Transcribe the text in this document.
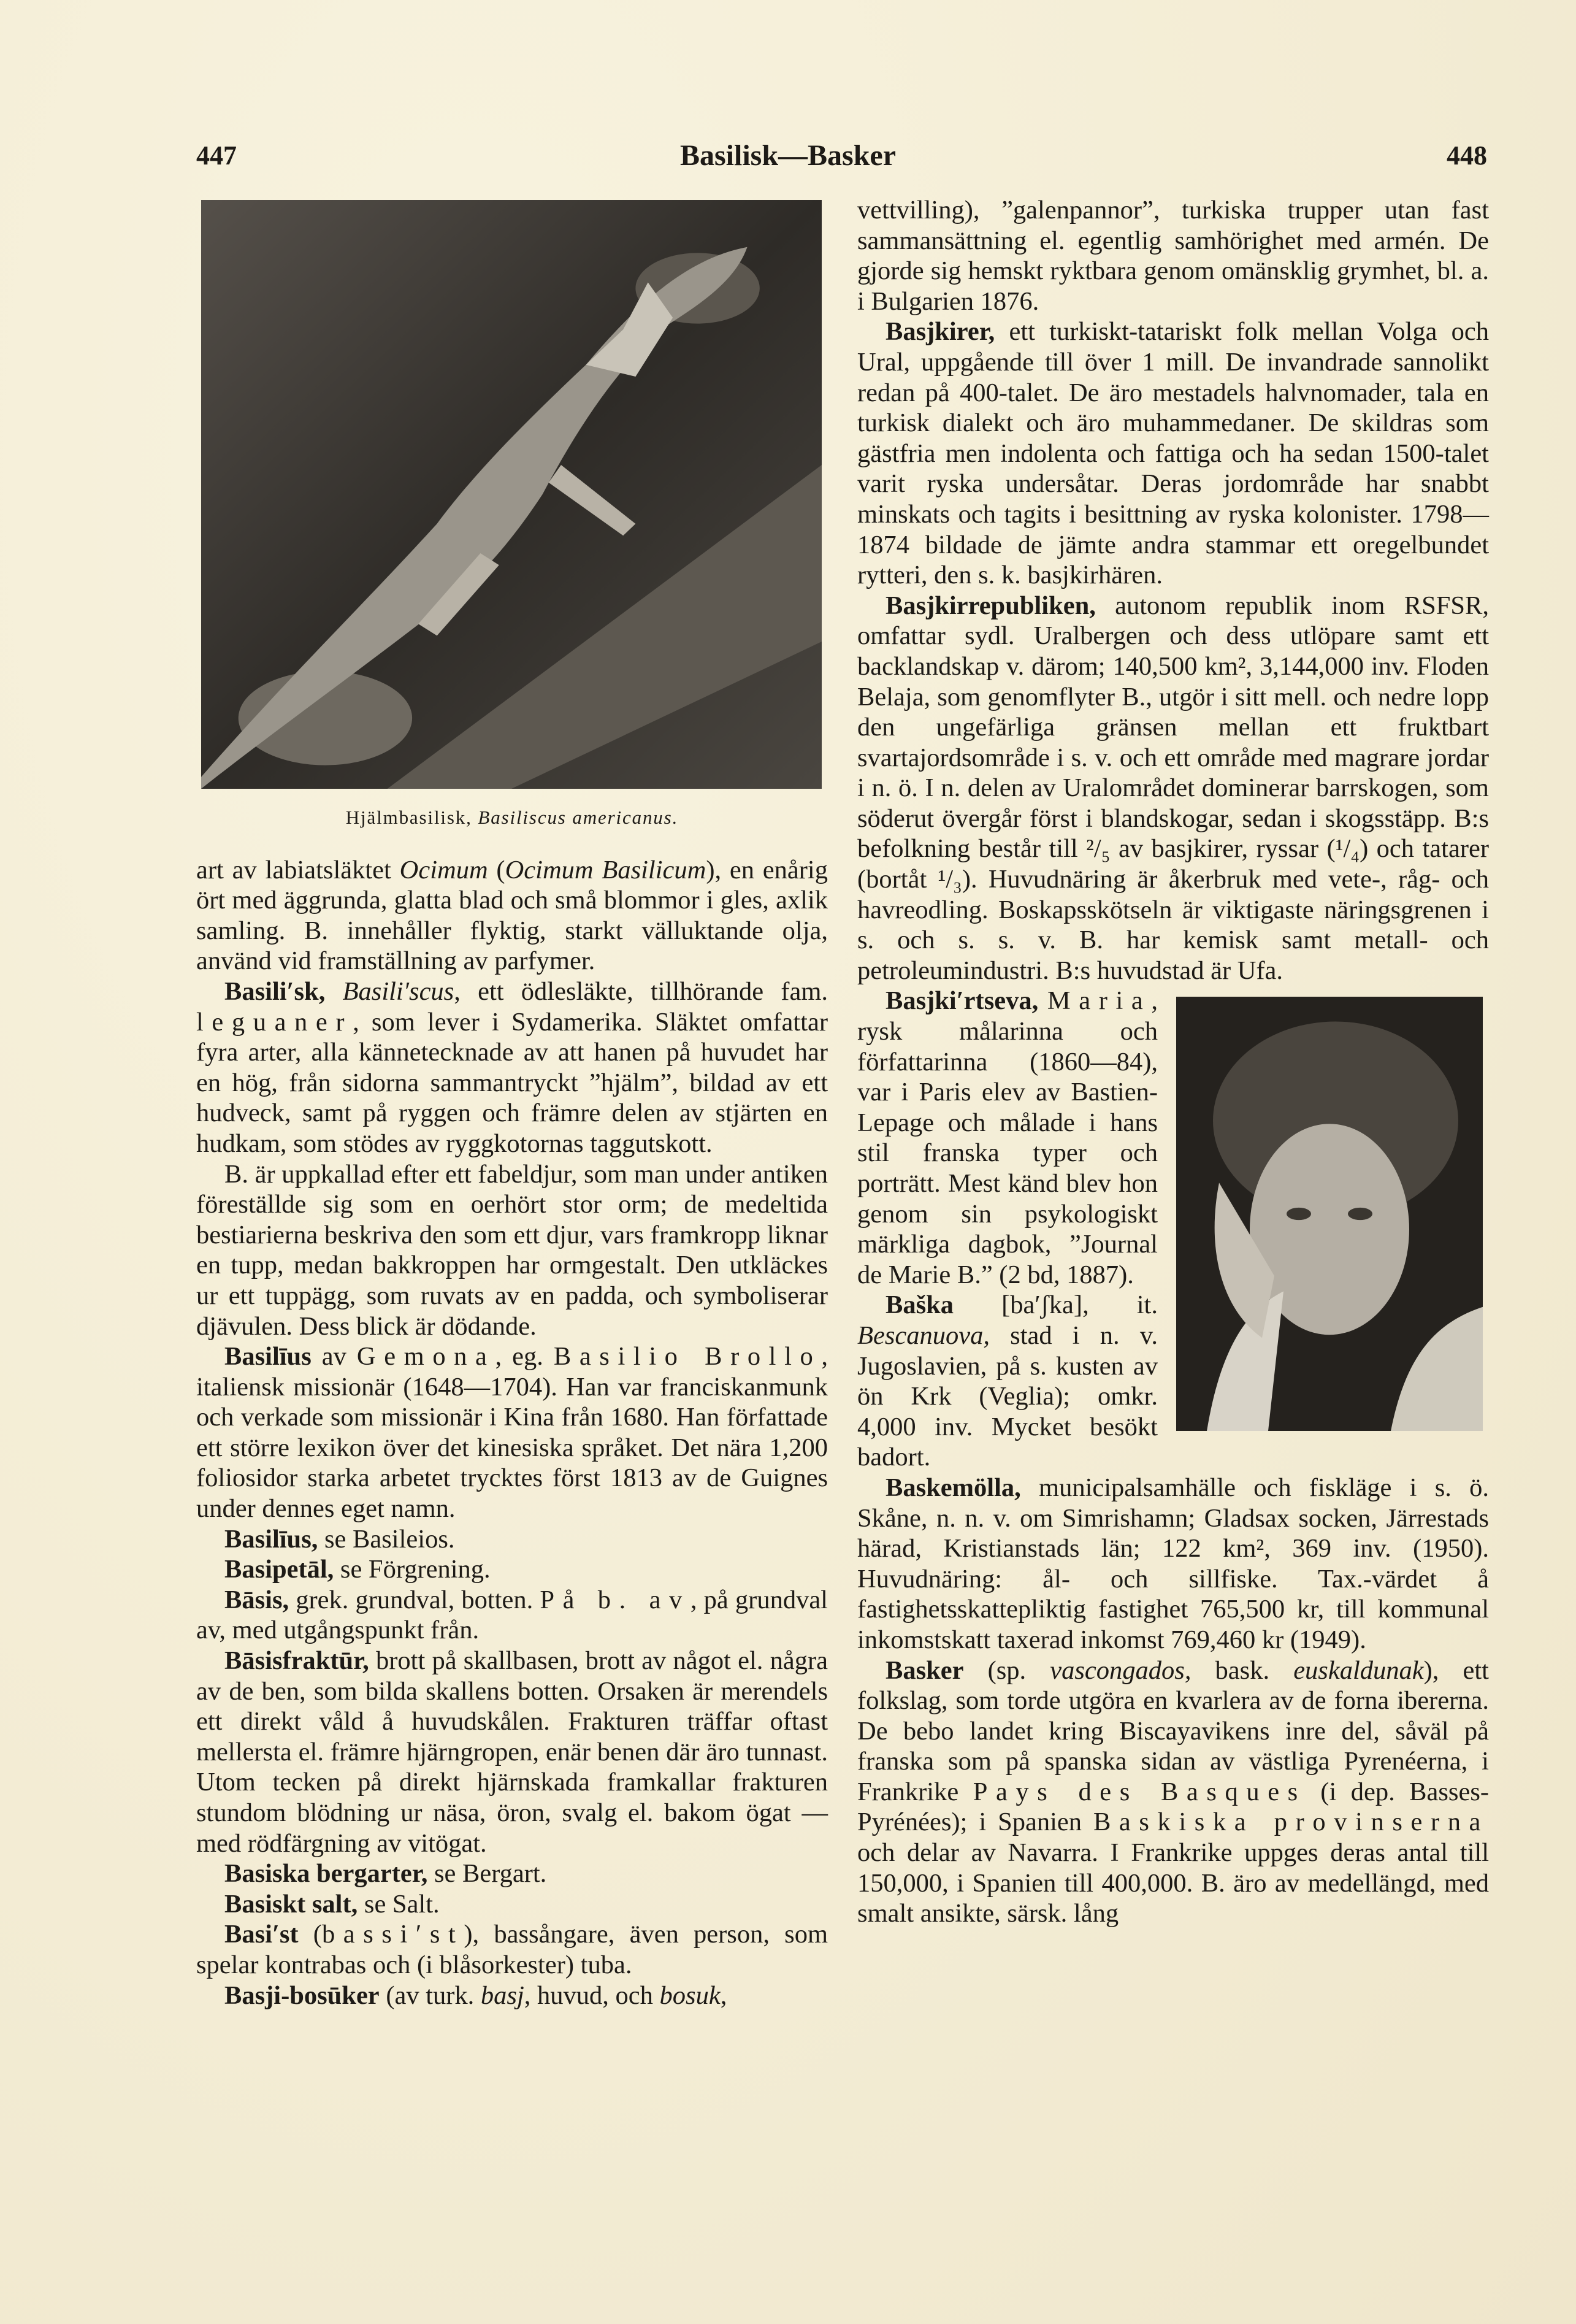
447	Basilisk—Basker	448

Hjälmbasilisk, Basiliscus americanus.

art av labiatsläktet Ocimum (Ocimum Basilicum), en enårig ört med äggrunda, glatta blad och små blommor i gles, axlik samling. B. innehåller flyktig, starkt välluktande olja, använd vid framställning av parfymer.

Basili′sk, Basili′scus, ett ödlesläkte, tillhörande fam. leguaner, som lever i Sydamerika. Släktet omfattar fyra arter, alla kännetecknade av att hanen på huvudet har en hög, från sidorna sammantryckt ”hjälm”, bildad av ett hudveck, samt på ryggen och främre delen av stjärten en hudkam, som stödes av ryggkotornas taggutskott.

B. är uppkallad efter ett fabeldjur, som man under antiken föreställde sig som en oerhört stor orm; de medeltida bestiarierna beskriva den som ett djur, vars framkropp liknar en tupp, medan bakkroppen har ormgestalt. Den utkläckes ur ett tuppägg, som ruvats av en padda, och symboliserar djävulen. Dess blick är dödande.

Basilīus av Gemona, eg. Basilio Brollo, italiensk missionär (1648—1704). Han var franciskanmunk och verkade som missionär i Kina från 1680. Han författade ett större lexikon över det kinesiska språket. Det nära 1,200 foliosidor starka arbetet trycktes först 1813 av de Guignes under dennes eget namn.

Basilīus, se Basileios.

Basipetāl, se Förgrening.

Bāsis, grek. grundval, botten. På b. av, på grundval av, med utgångspunkt från.

Bāsisfraktūr, brott på skallbasen, brott av något el. några av de ben, som bilda skallens botten. Orsaken är merendels ett direkt våld å huvudskålen. Frakturen träffar oftast mellersta el. främre hjärngropen, enär benen där äro tunnast. Utom tecken på direkt hjärnskada framkallar frakturen stundom blödning ur näsa, öron, svalg el. bakom ögat — med rödfärgning av vitögat.

Basiska bergarter, se Bergart.

Basiskt salt, se Salt.

Basi′st (bassi′st), bassångare, även person, som spelar kontrabas och (i blåsorkester) tuba.

Basji-bosūker (av turk. basj, huvud, och bosuk,

vettvilling), ”galenpannor”, turkiska trupper utan fast sammansättning el. egentlig samhörighet med armén. De gjorde sig hemskt ryktbara genom omänsklig grymhet, bl. a. i Bulgarien 1876.

Basjkirer, ett turkiskt-tatariskt folk mellan Volga och Ural, uppgående till över 1 mill. De invandrade sannolikt redan på 400-talet. De äro mestadels halvnomader, tala en turkisk dialekt och äro muhammedaner. De skildras som gästfria men indolenta och fattiga och ha sedan 1500-talet varit ryska undersåtar. Deras jordområde har snabbt minskats och tagits i besittning av ryska kolonister. 1798—1874 bildade de jämte andra stammar ett oregelbundet rytteri, den s. k. basjkirhären.

Basjkirrepubliken, autonom republik inom RSFSR, omfattar sydl. Uralbergen och dess utlöpare samt ett backlandskap v. därom; 140,500 km², 3,144,000 inv. Floden Belaja, som genomflyter B., utgör i sitt mell. och nedre lopp den ungefärliga gränsen mellan ett fruktbart svartajordsområde i s. v. och ett område med magrare jordar i n. ö. I n. delen av Uralområdet dominerar barrskogen, som söderut övergår först i blandskogar, sedan i skogsstäpp. B:s befolkning består till ²/₅ av basjkirer, ryssar (¹/₄) och tatarer (bortåt ¹/₃). Huvudnäring är åkerbruk med vete-, råg- och havreodling. Boskapsskötseln är viktigaste näringsgrenen i s. och s. s. v. B. har kemisk samt metall- och petroleumindustri. B:s huvudstad är Ufa.

Basjki′rtseva, Maria, rysk målarinna och författarinna (1860—84), var i Paris elev av Bastien-Lepage och målade i hans stil franska typer och porträtt. Mest känd blev hon genom sin psykologiskt märkliga dagbok, ”Journal de Marie B.” (2 bd, 1887).

Baška [ba′ʃka], it. Bescanuova, stad i n. v. Jugoslavien, på s. kusten av ön Krk (Veglia); omkr. 4,000 inv. Mycket besökt badort.

Baskemölla, municipalsamhälle och fiskläge i s. ö. Skåne, n. n. v. om Simrishamn; Gladsax socken, Järrestads härad, Kristianstads län; 122 km², 369 inv. (1950). Huvudnäring: ål- och sillfiske. Tax.-värdet å fastighetsskattepliktig fastighet 765,500 kr, till kommunal inkomstskatt taxerad inkomst 769,460 kr (1949).

Basker (sp. vascongados, bask. euskaldunak), ett folkslag, som torde utgöra en kvarlera av de forna ibererna. De bebo landet kring Biscayavikens inre del, såväl på franska som på spanska sidan av västliga Pyrenéerna, i Frankrike Pays des Basques (i dep. Basses-Pyrénées); i Spanien Baskiska provinserna och delar av Navarra. I Frankrike uppges deras antal till 150,000, i Spanien till 400,000. B. äro av medellängd, med smalt ansikte, särsk. lång
